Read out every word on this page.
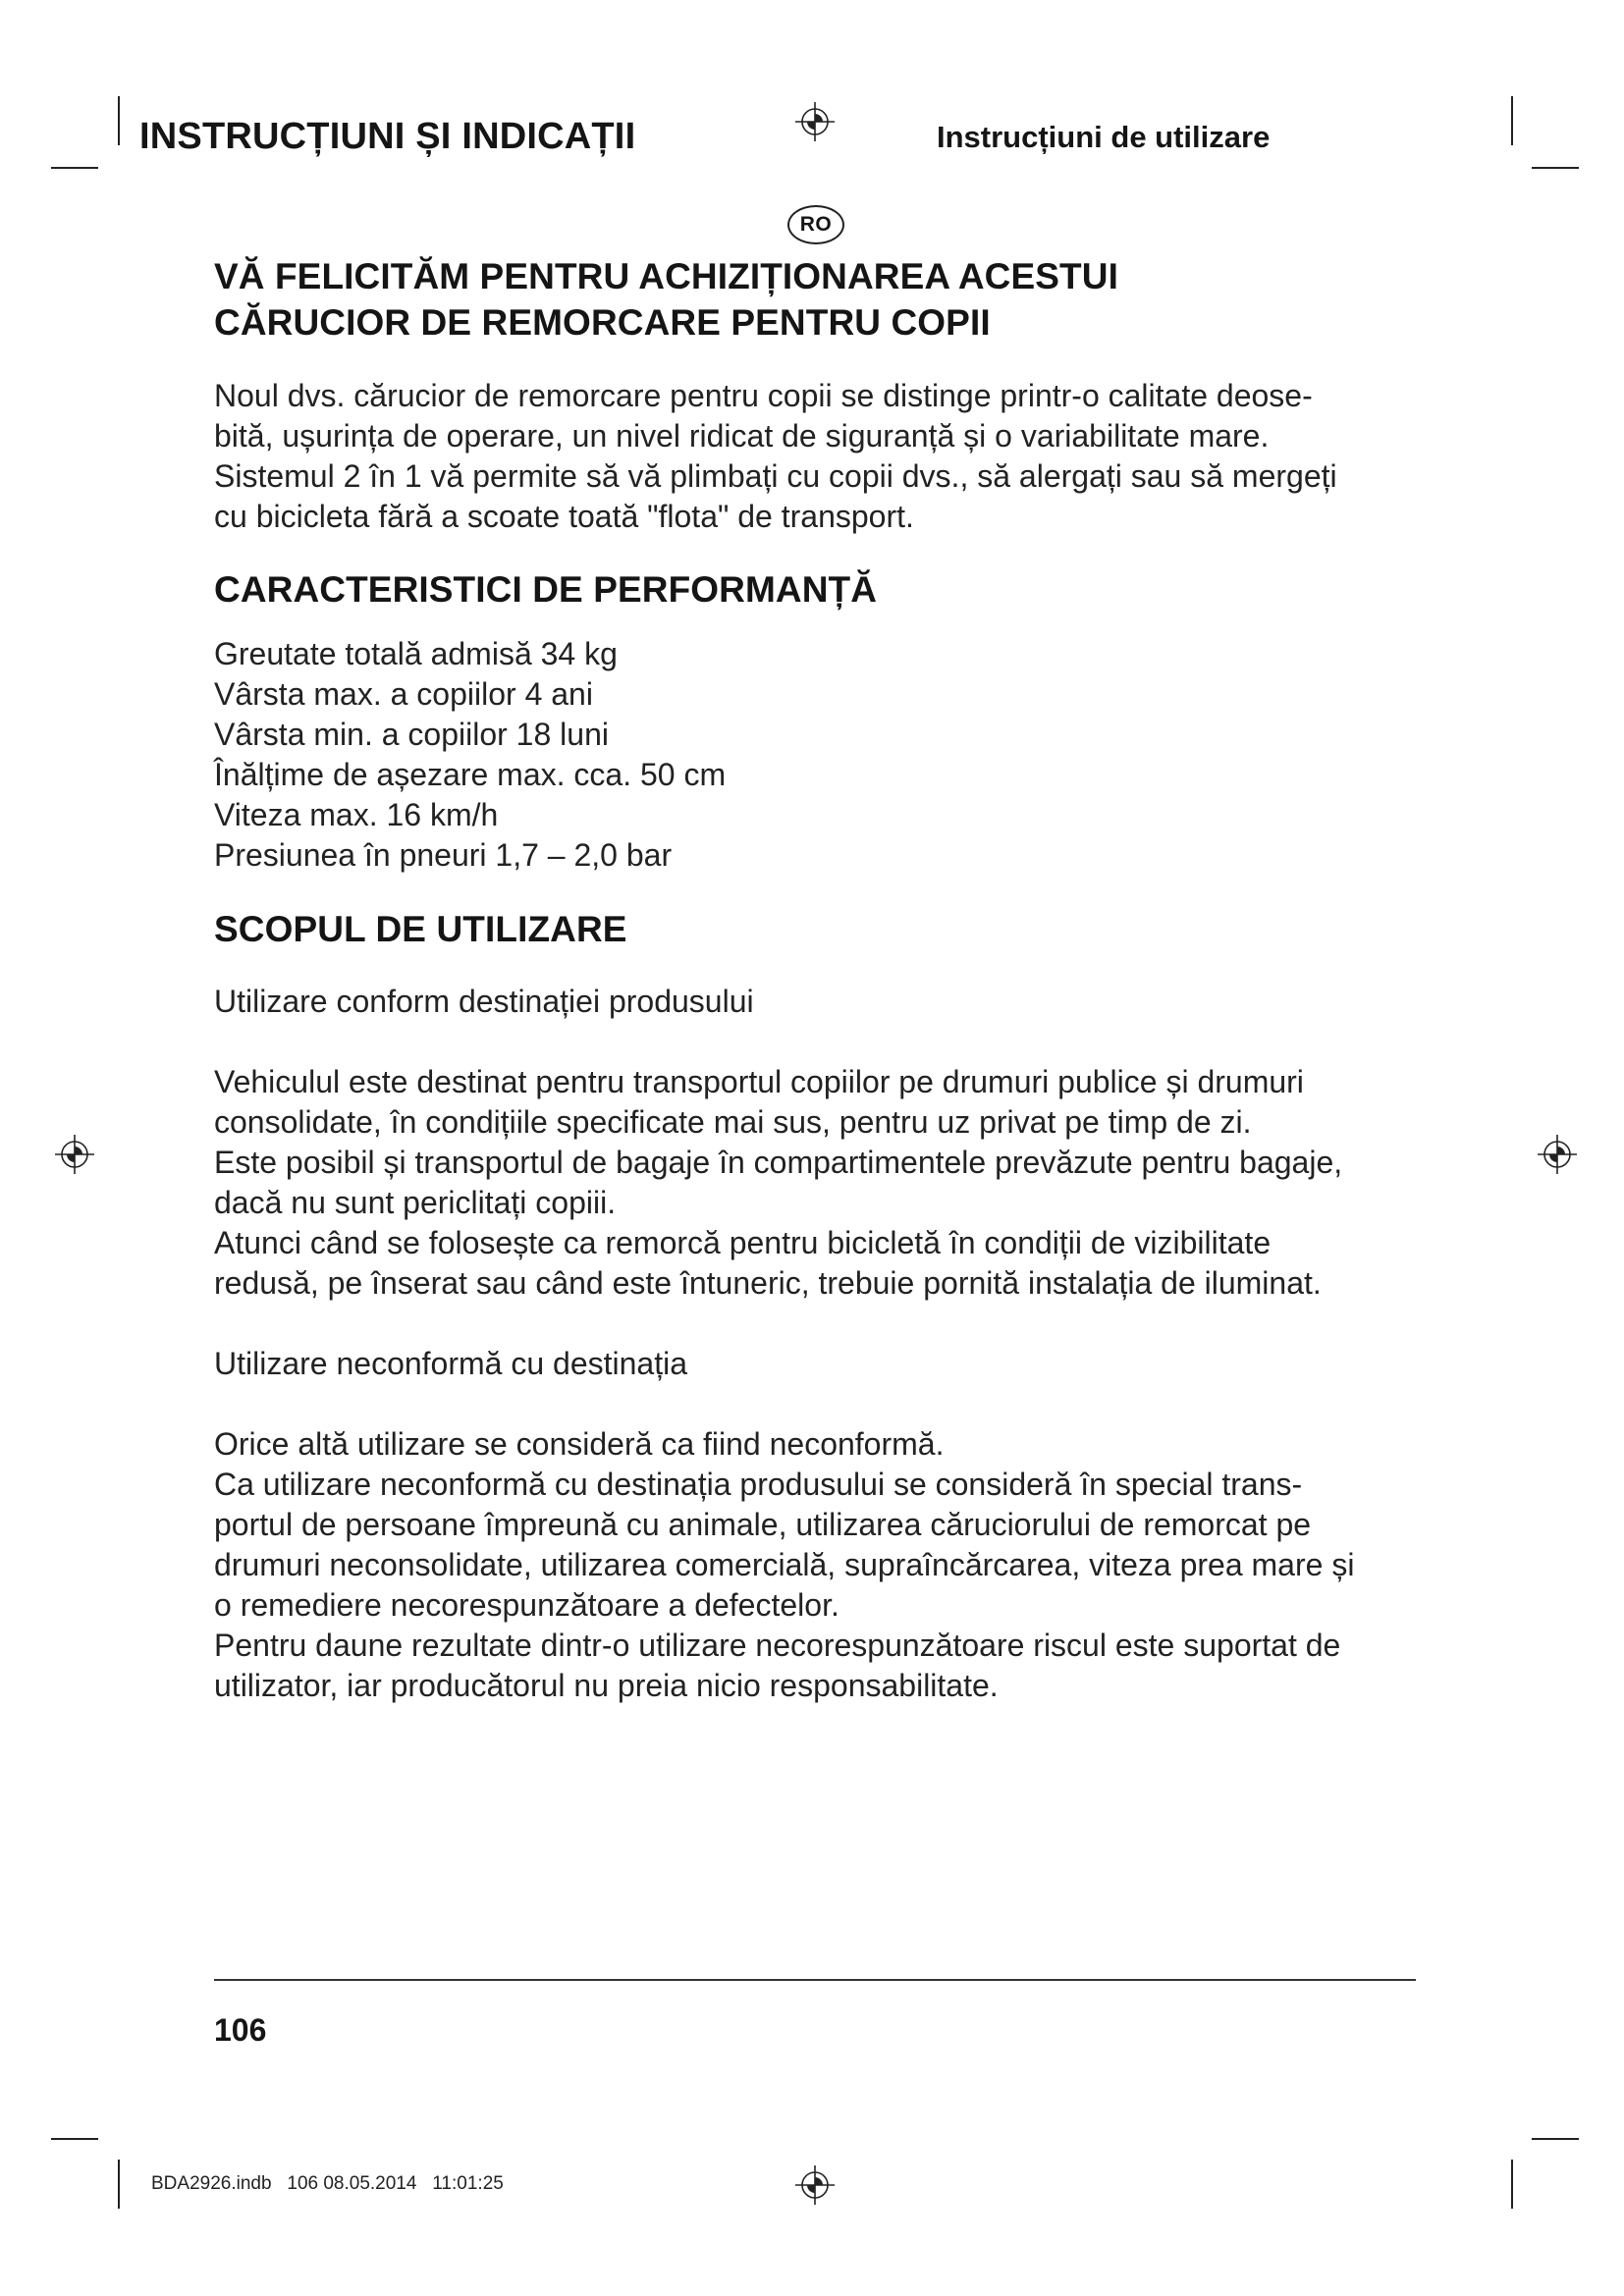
INSTRUCȚIUNI ȘI INDICAȚII	Instrucțiuni de utilizare
RO
VĂ FELICITĂM PENTRU ACHIZIȚIONAREA ACESTUI
CĂRUCIOR DE REMORCARE PENTRU COPII

Noul dvs. cărucior de remorcare pentru copii se distinge printr-o calitate deose-
bită, ușurința de operare, un nivel ridicat de siguranță și o variabilitate mare.
Sistemul 2 în 1 vă permite să vă plimbați cu copii dvs., să alergați sau să mergeți
cu bicicleta fără a scoate toată "flota" de transport.

CARACTERISTICI DE PERFORMANȚĂ
Greutate totală admisă 34 kg
Vârsta max. a copiilor 4 ani
Vârsta min. a copiilor 18 luni
Înălțime de așezare max. cca. 50 cm
Viteza max. 16 km/h
Presiunea în pneuri 1,7 – 2,0 bar
SCOPUL DE UTILIZARE

Utilizare conform destinației produsului

Vehiculul este destinat pentru transportul copiilor pe drumuri publice și drumuri
consolidate, în condițiile specificate mai sus, pentru uz privat pe timp de zi.
Este posibil și transportul de bagaje în compartimentele prevăzute pentru bagaje,
dacă nu sunt periclitați copiii.
Atunci când se folosește ca remorcă pentru bicicletă în condiții de vizibilitate
redusă, pe înserat sau când este întuneric, trebuie pornită instalația de iluminat.

Utilizare neconformă cu destinația

Orice altă utilizare se consideră ca fiind neconformă.
Ca utilizare neconformă cu destinația produsului se consideră în special trans-
portul de persoane împreună cu animale, utilizarea căruciorului de remorcat pe
drumuri neconsolidate, utilizarea comercială, supraîncărcarea, viteza prea mare și
o remediere necorespunzătoare a defectelor.
Pentru daune rezultate dintr-o utilizare necorespunzătoare riscul este suportat de
utilizator, iar producătorul nu preia nicio responsabilitate.

106
BDA2926.indb   106 08.05.2014   11:01:25
